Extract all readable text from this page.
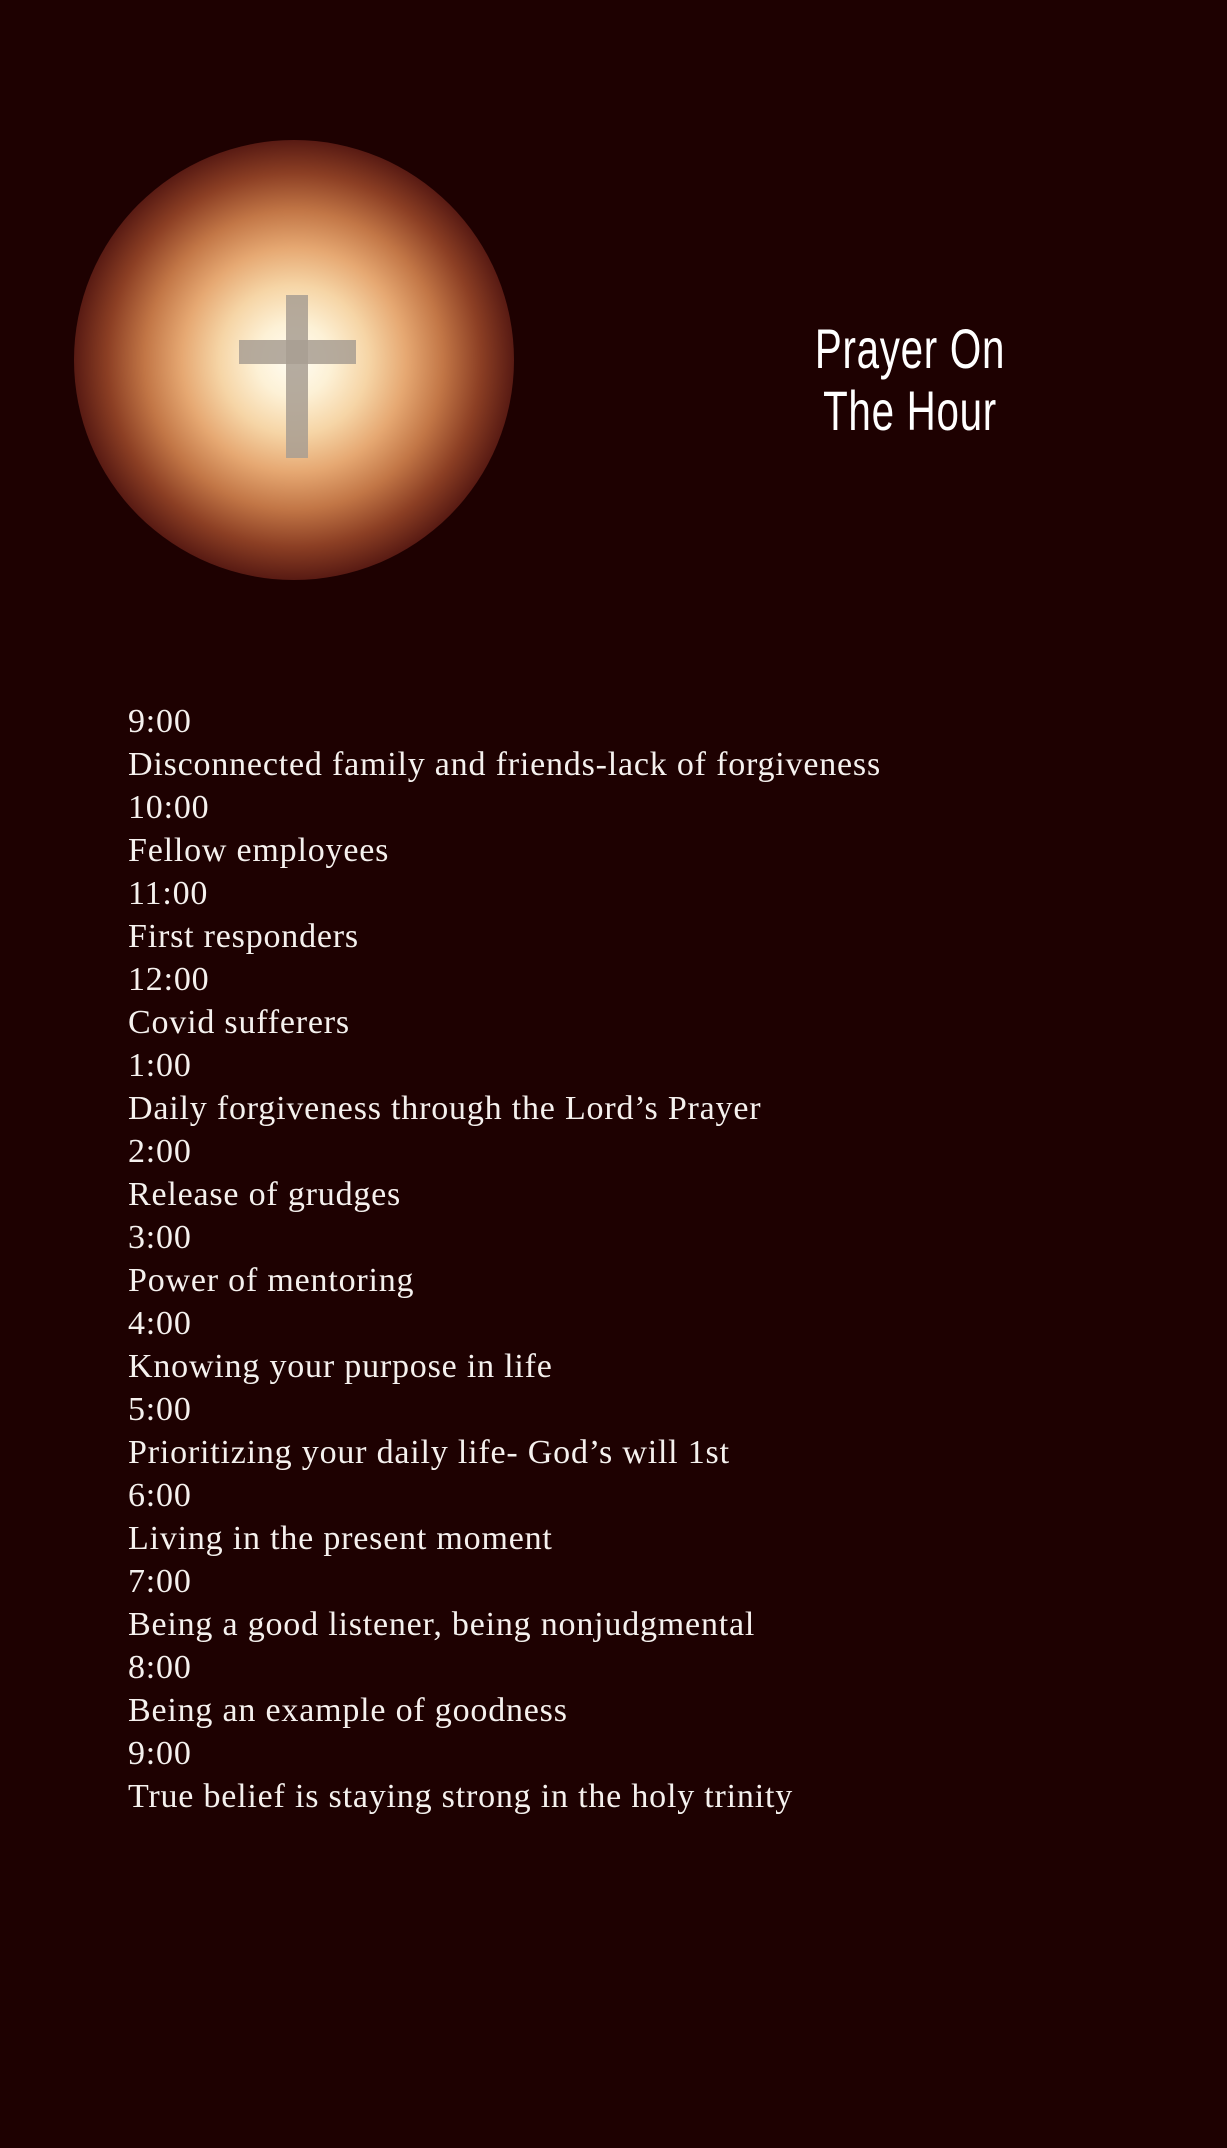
Prayer On
The Hour
9:00
Disconnected family and friends-lack of forgiveness
10:00
Fellow employees
11:00
First responders
12:00
Covid sufferers
1:00
Daily forgiveness through the Lord’s Prayer
2:00
Release of grudges
3:00
Power of mentoring
4:00
Knowing your purpose in life
5:00
Prioritizing your daily life- God’s will 1st
6:00
Living in the present moment
7:00
Being a good listener, being nonjudgmental
8:00
Being an example of goodness
9:00
True belief is staying strong in the holy trinity
